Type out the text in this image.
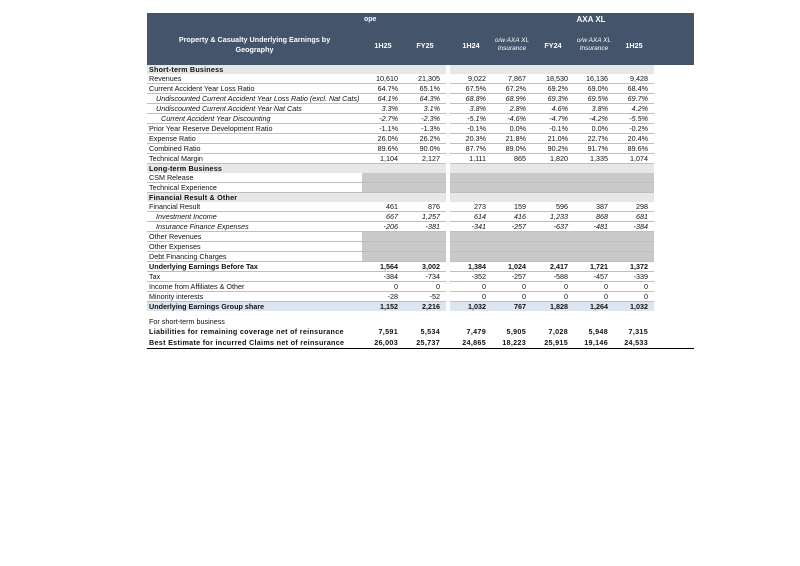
	ope			AXA XL					
Property & Casualty Underlying Earnings by Geography	1H25	FY25		1H24	o/w AXA XL Insurance	FY24	o/w AXA XL Insurance	1H25	
Short-term Business									
Revenues	10,610	21,305		9,022	7,867	18,530	16,136	9,428	
Current Accident Year Loss Ratio	64.7%	65.1%		67.5%	67.2%	69.2%	69.0%	68.4%	
Undiscounted Current Accident Year Loss Ratio (excl. Nat Cats)	64.1%	64.3%		68.8%	68.9%	69.3%	69.5%	69.7%	
Undiscounted Current Accident Year Nat Cats	3.3%	3.1%		3.8%	2.8%	4.6%	3.8%	4.2%	
Current Accident Year Discounting	-2.7%	-2.3%		-5.1%	-4.6%	-4.7%	-4.2%	-5.5%	
Prior Year Reserve Development Ratio	-1.1%	-1.3%		-0.1%	0.0%	-0.1%	0.0%	-0.2%	
Expense Ratio	26.0%	26.2%		20.3%	21.8%	21.0%	22.7%	20.4%	
Combined Ratio	89.6%	90.0%		87.7%	89.0%	90.2%	91.7%	89.6%	
Technical Margin	1,104	2,127		1,111	865	1,820	1,335	1,074	
Long-term Business									
CSM Release									
Technical Experience									
Financial Result & Other									
Financial Result	461	876		273	159	596	387	298	
Investment Income	667	1,257		614	416	1,233	868	681	
Insurance Finance Expenses	-206	-381		-341	-257	-637	-481	-384	
Other Revenues									
Other Expenses									
Debt Financing Charges									
Underlying Earnings Before Tax	1,564	3,002		1,384	1,024	2,417	1,721	1,372	
Tax	-384	-734		-352	-257	-588	-457	-339	
Income from Affiliates & Other	0	0		0	0	0	0	0	
Minority interests	-28	-52		0	0	0	0	0	
Underlying Earnings Group share	1,152	2,216		1,032	767	1,828	1,264	1,032	

For short-term business									
Liabilities for remaining coverage net of reinsurance	7,591	5,534		7,479	5,905	7,028	5,948	7,315	
Best Estimate for incurred Claims net of reinsurance	26,003	25,737		24,865	18,223	25,915	19,146	24,533	
